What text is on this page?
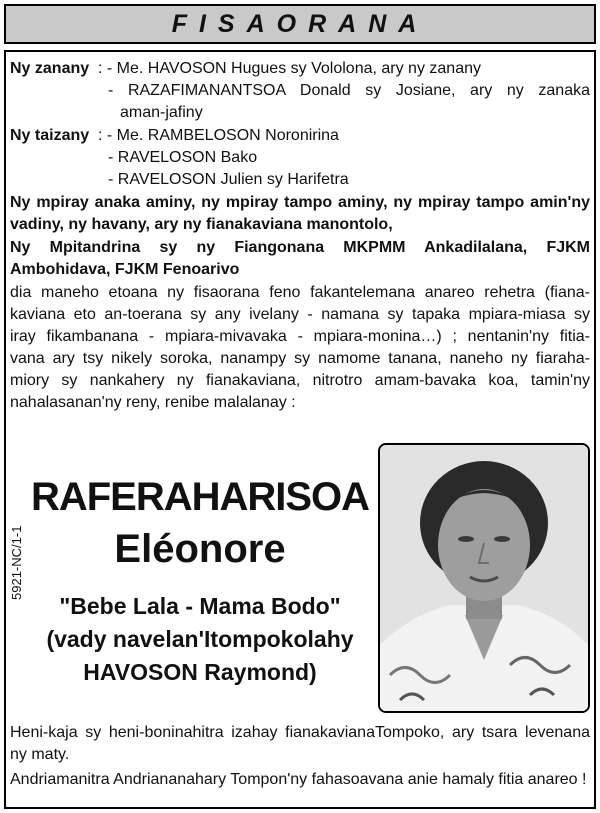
FISAORANA
Ny zanany : - Me. HAVOSON Hugues sy Vololona, ary ny zanany
- RAZAFIMANANTSOA Donald sy Josiane, ary ny zanaka
aman-jafiny
Ny taizany : - Me. RAMBELOSON Noronirina
- RAVELOSON Bako
- RAVELOSON Julien sy Harifetra
Ny mpiray anaka aminy, ny mpiray tampo aminy, ny mpiray tampo amin'ny
vadiny, ny havany, ary ny fianakaviana manontolo,
Ny Mpitandrina sy ny Fiangonana MKPMM Ankadilalana, FJKM
Ambohidava, FJKM Fenoarivo
dia maneho etoana ny fisaorana feno fakantelemana anareo rehetra (fiana-
kaviana eto an-toerana sy any ivelany - namana sy tapaka mpiara-miasa sy
iray fikambanana - mpiara-mivavaka - mpiara-monina…) ; nentanin'ny fitia-
vana ary tsy nikely soroka, nanampy sy namome tanana, naneho ny fiaraha-
miory sy nankahery ny fianakaviana, nitrotro amam-bavaka koa, tamin'ny
nahalasanan'ny reny, renibe malalanay :
5921-NC/1-1
RAFERAHARISOA
Eléonore
"Bebe Lala - Mama Bodo"
(vady navelan'Itompokolahy
HAVOSON Raymond)
Heni-kaja sy heni-boninahitra izahay fianakavianaTompoko, ary tsara levenana
ny maty.
Andriamanitra Andriananahary Tompon'ny fahasoavana anie hamaly fitia anareo !
